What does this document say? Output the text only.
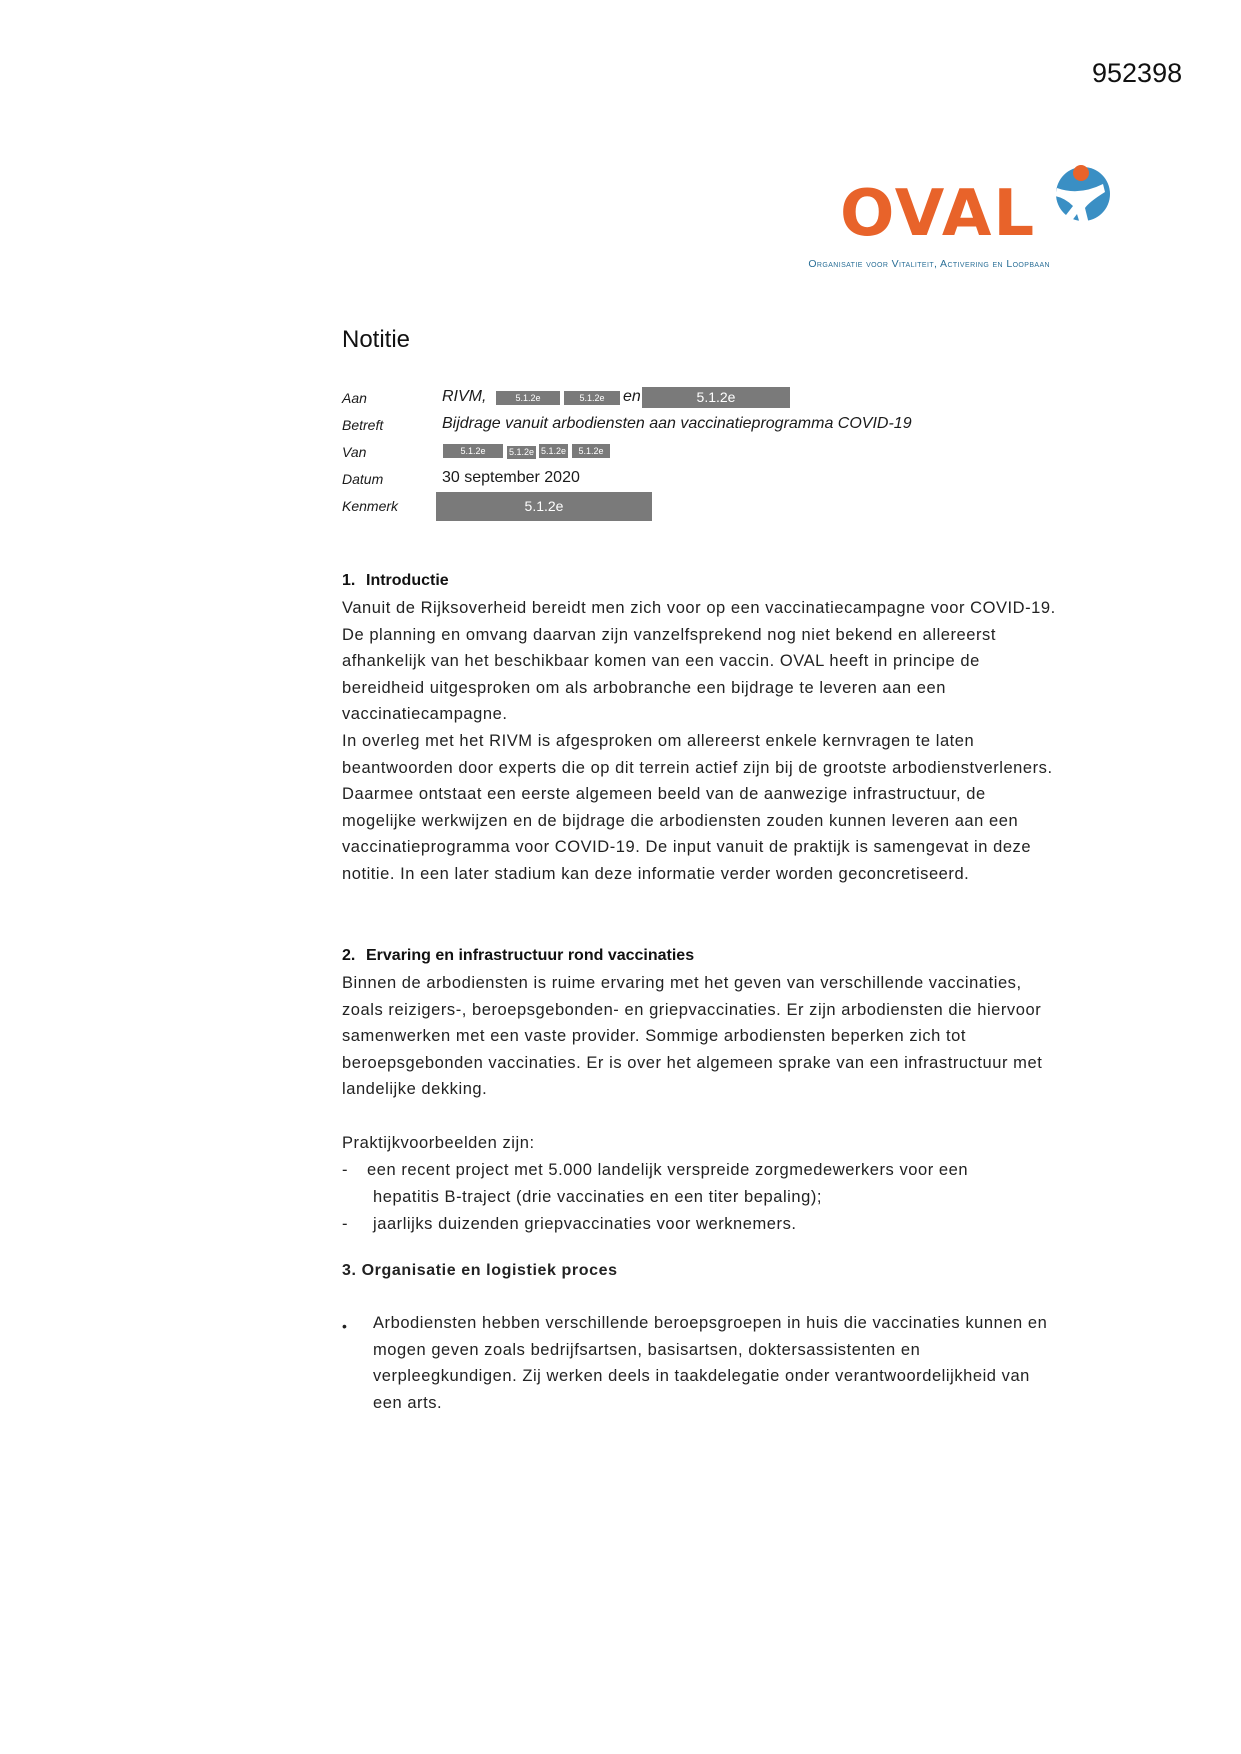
952398
OVAL
Organisatie voor Vitaliteit, Activering en Loopbaan
Notitie
Aan	RIVM,	5.1.2e	5.1.2e	en	5.1.2e
Betreft	Bijdrage vanuit arbodiensten aan vaccinatieprogramma COVID-19
Van	5.1.2e	5.1.2e 5.1.2e	5.1.2e
Datum	30 september 2020
Kenmerk	5.1.2e
1. Introductie

Vanuit de Rijksoverheid bereidt men zich voor op een vaccinatiecampagne voor COVID-19. De planning en omvang daarvan zijn vanzelfsprekend nog niet bekend en allereerst afhankelijk van het beschikbaar komen van een vaccin. OVAL heeft in principe de bereidheid uitgesproken om als arbobranche een bijdrage te leveren aan een vaccinatiecampagne.

In overleg met het RIVM is afgesproken om allereerst enkele kernvragen te laten beantwoorden door experts die op dit terrein actief zijn bij de grootste arbodienstverleners. Daarmee ontstaat een eerste algemeen beeld van de aanwezige infrastructuur, de mogelijke werkwijzen en de bijdrage die arbodiensten zouden kunnen leveren aan een vaccinatieprogramma voor COVID-19. De input vanuit de praktijk is samengevat in deze notitie. In een later stadium kan deze informatie verder worden geconcretiseerd.

2. Ervaring en infrastructuur rond vaccinaties

Binnen de arbodiensten is ruime ervaring met het geven van verschillende vaccinaties, zoals reizigers-, beroepsgebonden- en griepvaccinaties. Er zijn arbodiensten die hiervoor samenwerken met een vaste provider. Sommige arbodiensten beperken zich tot beroepsgebonden vaccinaties. Er is over het algemeen sprake van een infrastructuur met landelijke dekking.

Praktijkvoorbeelden zijn:

- een recent project met 5.000 landelijk verspreide zorgmedewerkers voor een
hepatitis B-traject (drie vaccinaties en een titer bepaling);
- jaarlijks duizenden griepvaccinaties voor werknemers.
3. Organisatie en logistiek proces
• Arbodiensten hebben verschillende beroepsgroepen in huis die vaccinaties kunnen en mogen geven zoals bedrijfsartsen, basisartsen, doktersassistenten en verpleegkundigen. Zij werken deels in taakdelegatie onder verantwoordelijkheid van een arts.
